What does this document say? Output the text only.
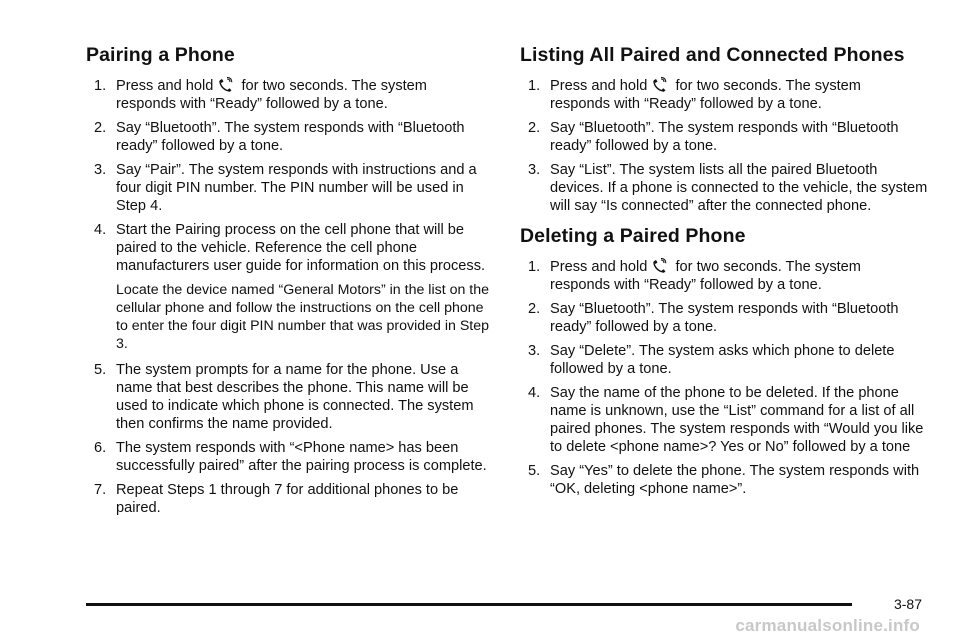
Pairing a Phone
1. Press and hold for two seconds. The system
responds with “Ready” followed by a tone.
2. Say “Bluetooth”. The system responds with “Bluetooth ready” followed by a tone.
3. Say “Pair”. The system responds with instructions and a four digit PIN number. The PIN number will be used in Step 4.
4. Start the Pairing process on the cell phone that will be paired to the vehicle. Reference the cell phone manufacturers user guide for information on this process.
Locate the device named “General Motors” in the list on the cellular phone and follow the instructions on the cell phone to enter the four digit PIN number that was provided in Step 3.
5. The system prompts for a name for the phone. Use a name that best describes the phone. This name will be used to indicate which phone is connected. The system then confirms the name provided.
6. The system responds with “<Phone name> has been successfully paired” after the pairing process is complete.
7. Repeat Steps 1 through 7 for additional phones to be paired.
Listing All Paired and Connected Phones
1. Press and hold for two seconds. The system
responds with “Ready” followed by a tone.
2. Say “Bluetooth”. The system responds with “Bluetooth ready” followed by a tone.
3. Say “List”. The system lists all the paired Bluetooth devices. If a phone is connected to the vehicle, the system will say “Is connected” after the connected phone.
Deleting a Paired Phone
1. Press and hold for two seconds. The system
responds with “Ready” followed by a tone.
2. Say “Bluetooth”. The system responds with “Bluetooth ready” followed by a tone.
3. Say “Delete”. The system asks which phone to delete followed by a tone.
4. Say the name of the phone to be deleted. If the phone name is unknown, use the “List” command for a list of all paired phones. The system responds with “Would you like to delete <phone name>? Yes or No” followed by a tone
5. Say “Yes” to delete the phone. The system responds with “OK, deleting <phone name>”.
3-87
carmanualsonline.info
